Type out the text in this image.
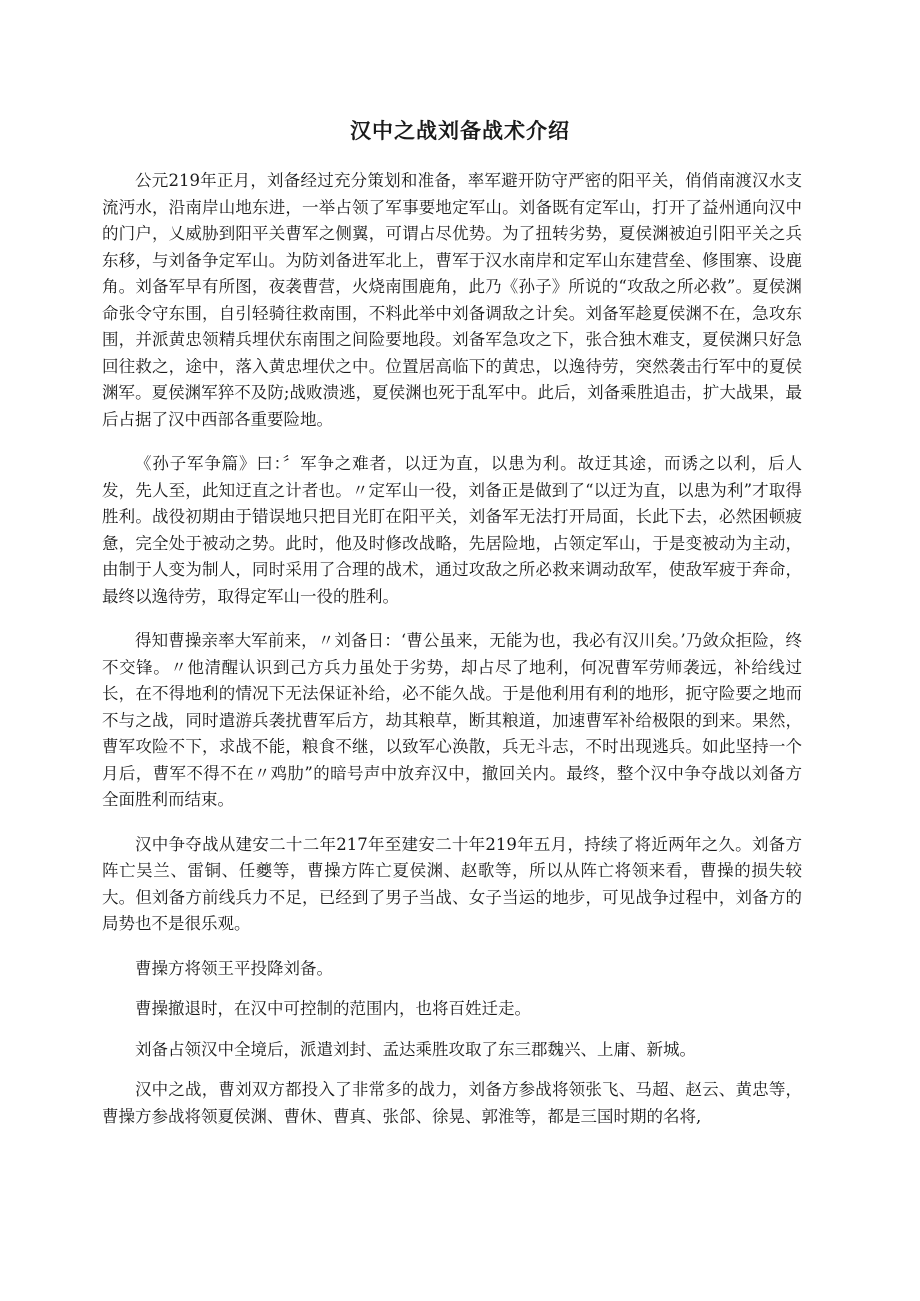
汉中之战刘备战术介绍

公元219年正月，刘备经过充分策划和准备，率军避开防守严密的阳平关，俏俏南渡汉水支流沔水，沿南岸山地东进，一举占领了军事要地定军山。刘备既有定军山，打开了益州通向汉中的门户，乂威胁到阳平关曹军之侧翼，可谓占尽优势。为了扭转劣势，夏侯渊被迫引阳平关之兵东移，与刘备争定军山。为防刘备进军北上，曹军于汉水南岸和定军山东建营垒、修围寨、设鹿角。刘备军早有所图，夜袭曹营，火烧南围鹿角，此乃《孙子》所说的“攻敌之所必救”。夏侯渊命张令守东围，自引轻骑往救南围，不料此举中刘备调敌之计矣。刘备军趁夏侯渊不在，急攻东围，并派黄忠领精兵埋伏东南围之间险要地段。刘备军急攻之下，张合独木难支，夏侯渊只好急回往救之，途中，落入黄忠埋伏之中。位置居高临下的黄忠，以逸待劳，突然袭击行军中的夏侯渊军。夏侯渊军猝不及防;战败溃逃，夏侯渊也死于乱军中。此后，刘备乘胜追击，扩大战果，最后占据了汉中西部各重要险地。

《孙子军争篇》曰：〞军争之难者，以迂为直，以患为利。故迂其途，而诱之以利，后人发，先人至，此知迂直之计者也。〃定军山一役，刘备正是做到了“以迂为直，以患为利”才取得胜利。战役初期由于错误地只把目光盯在阳平关，刘备军无法打开局面，长此下去，必然困顿疲惫，完全处于被动之势。此时，他及时修改战略，先居险地，占领定军山，于是变被动为主动，由制于人变为制人，同时采用了合理的战术，通过攻敌之所必救来调动敌军，使敌军疲于奔命，最终以逸待劳，取得定军山一役的胜利。

得知曹操亲率大军前来，〃刘备日：‘曹公虽来，无能为也，我必有汉川矣。’乃敛众拒险，终不交锋。〃他清醒认识到己方兵力虽处于劣势，却占尽了地利，何况曹军劳师袭远，补给线过长，在不得地利的情况下无法保证补给，必不能久战。于是他利用有利的地形，扼守险要之地而不与之战，同时遣游兵袭扰曹军后方，劫其粮草，断其粮道，加速曹军补给极限的到来。果然，曹军攻险不下，求战不能，粮食不继，以致军心涣散，兵无斗志，不时出现逃兵。如此坚持一个月后，曹军不得不在〃鸡肋”的暗号声中放弃汉中，撤回关内。最终，整个汉中争夺战以刘备方全面胜利而结束。

汉中争夺战从建安二十二年217年至建安二十年219年五月，持续了将近两年之久。刘备方阵亡吴兰、雷铜、任夔等，曹操方阵亡夏侯渊、赵歌等，所以从阵亡将领来看，曹操的损失较大。但刘备方前线兵力不足，已经到了男子当战、女子当运的地步，可见战争过程中，刘备方的局势也不是很乐观。

曹操方将领王平投降刘备。

曹操撤退时，在汉中可控制的范围内，也将百姓迁走。

刘备占领汉中全境后，派遣刘封、孟达乘胜攻取了东三郡魏兴、上庸、新城。

汉中之战，曹刘双方都投入了非常多的战力，刘备方参战将领张飞、马超、赵云、黄忠等，曹操方参战将领夏侯渊、曹休、曹真、张郃、徐晃、郭淮等，都是三国时期的名将,
